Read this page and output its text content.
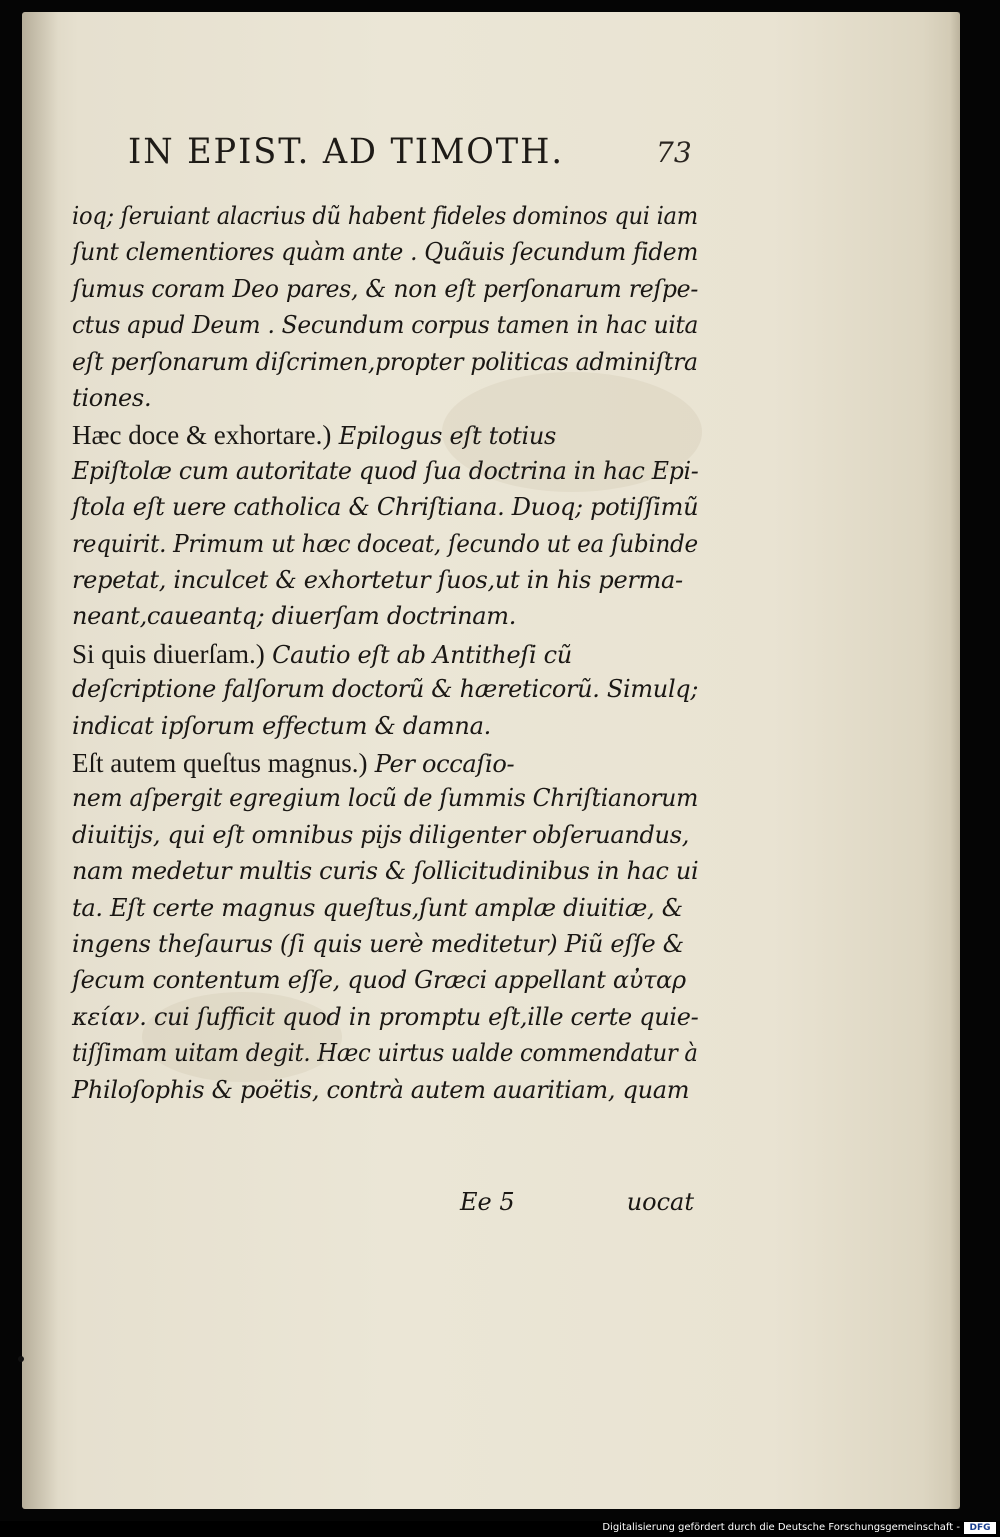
IN EPIST. AD TIMOTH.	73
ioq; ſeruiant alacrius dũ habent fideles dominos qui iam
ſunt clementiores quàm ante . Quãuis ſecundum fidem
ſumus coram Deo pares, & non eſt perſonarum reſpe-
ctus apud Deum . Secundum corpus tamen in hac uita
eſt perſonarum diſcrimen,propter politicas adminiſtra
tiones.
Hæc doce & exhortare.) Epilogus eſt totius
Epiſtolæ cum autoritate quod ſua doctrina in hac Epi-
ſtola eſt uere catholica & Chriſtiana. Duoq; potiſſimũ
requirit. Primum ut hæc doceat, ſecundo ut ea ſubinde
repetat, inculcet & exhortetur ſuos,ut in his perma-
neant,caueantq; diuerſam doctrinam.
Si quis diuerſam.) Cautio eſt ab Antitheſi cũ
deſcriptione falſorum doctorũ & hæreticorũ. Simulq;
indicat ipſorum effectum & damna.
Eſt autem queſtus magnus.) Per occaſio-
nem aſpergit egregium locũ de ſummis Chriſtianorum
diuitijs, qui eſt omnibus pijs diligenter obſeruandus,
nam medetur multis curis & ſollicitudinibus in hac ui
ta. Eſt certe magnus queſtus,ſunt amplæ diuitiæ, &
ingens theſaurus (ſi quis uerè meditetur) Piũ eſſe &
ſecum contentum eſſe, quod Græci appellant αὐταρ
κείαν. cui ſufficit quod in promptu eſt,ille certe quie-
tiſſimam uitam degit. Hæc uirtus ualde commendatur à
Philoſophis & poëtis, contrà autem auaritiam, quam
Ee 5	uocat
Digitalisierung gefördert durch die Deutsche Forschungsgemeinschaft -	DFG
